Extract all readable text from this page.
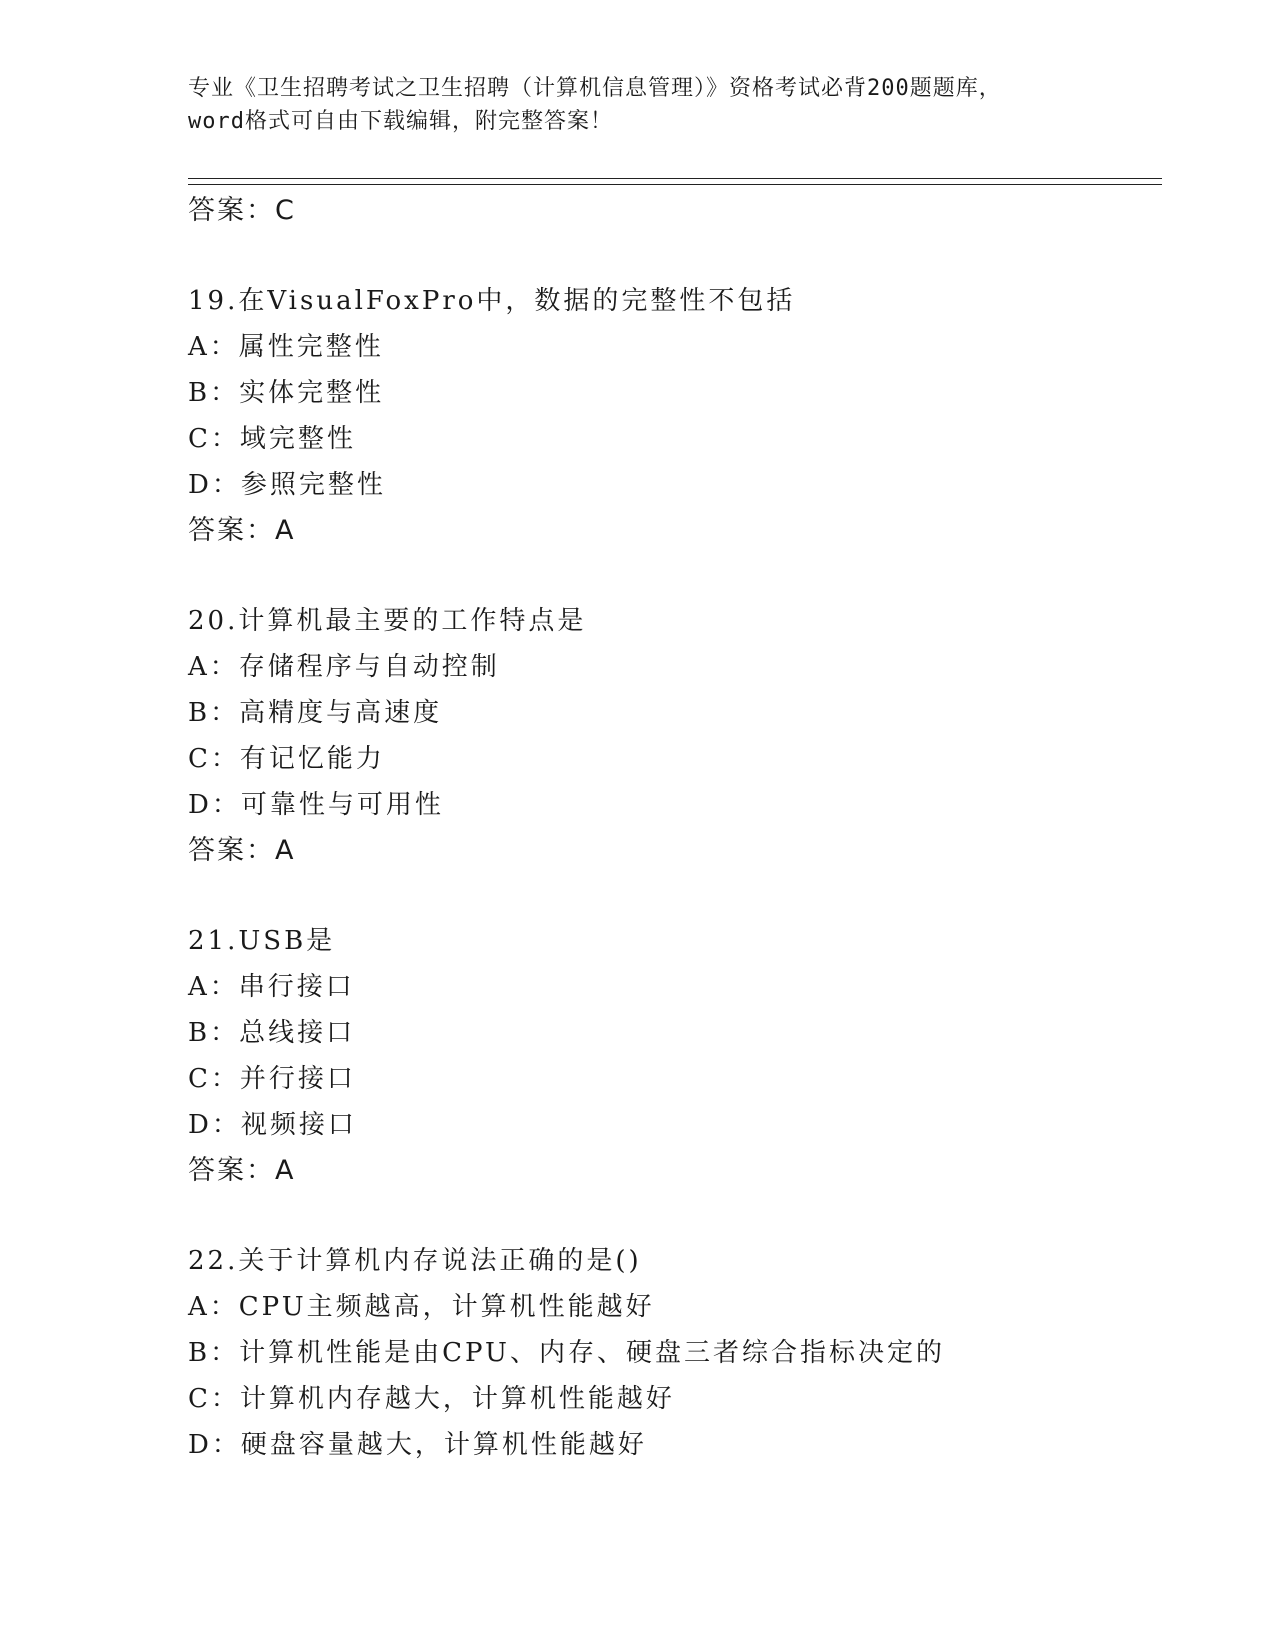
专业《卫生招聘考试之卫生招聘（计算机信息管理）》资格考试必背200题题库，
word格式可自由下载编辑，附完整答案！
答案：C
19.在VisualFoxPro中，数据的完整性不包括
A：属性完整性
B：实体完整性
C：域完整性
D：参照完整性
答案：A
20.计算机最主要的工作特点是
A：存储程序与自动控制
B：高精度与高速度
C：有记忆能力
D：可靠性与可用性
答案：A
21.USB是
A：串行接口
B：总线接口
C：并行接口
D：视频接口
答案：A
22.关于计算机内存说法正确的是()
A：CPU主频越高，计算机性能越好
B：计算机性能是由CPU、内存、硬盘三者综合指标决定的
C：计算机内存越大，计算机性能越好
D：硬盘容量越大，计算机性能越好
